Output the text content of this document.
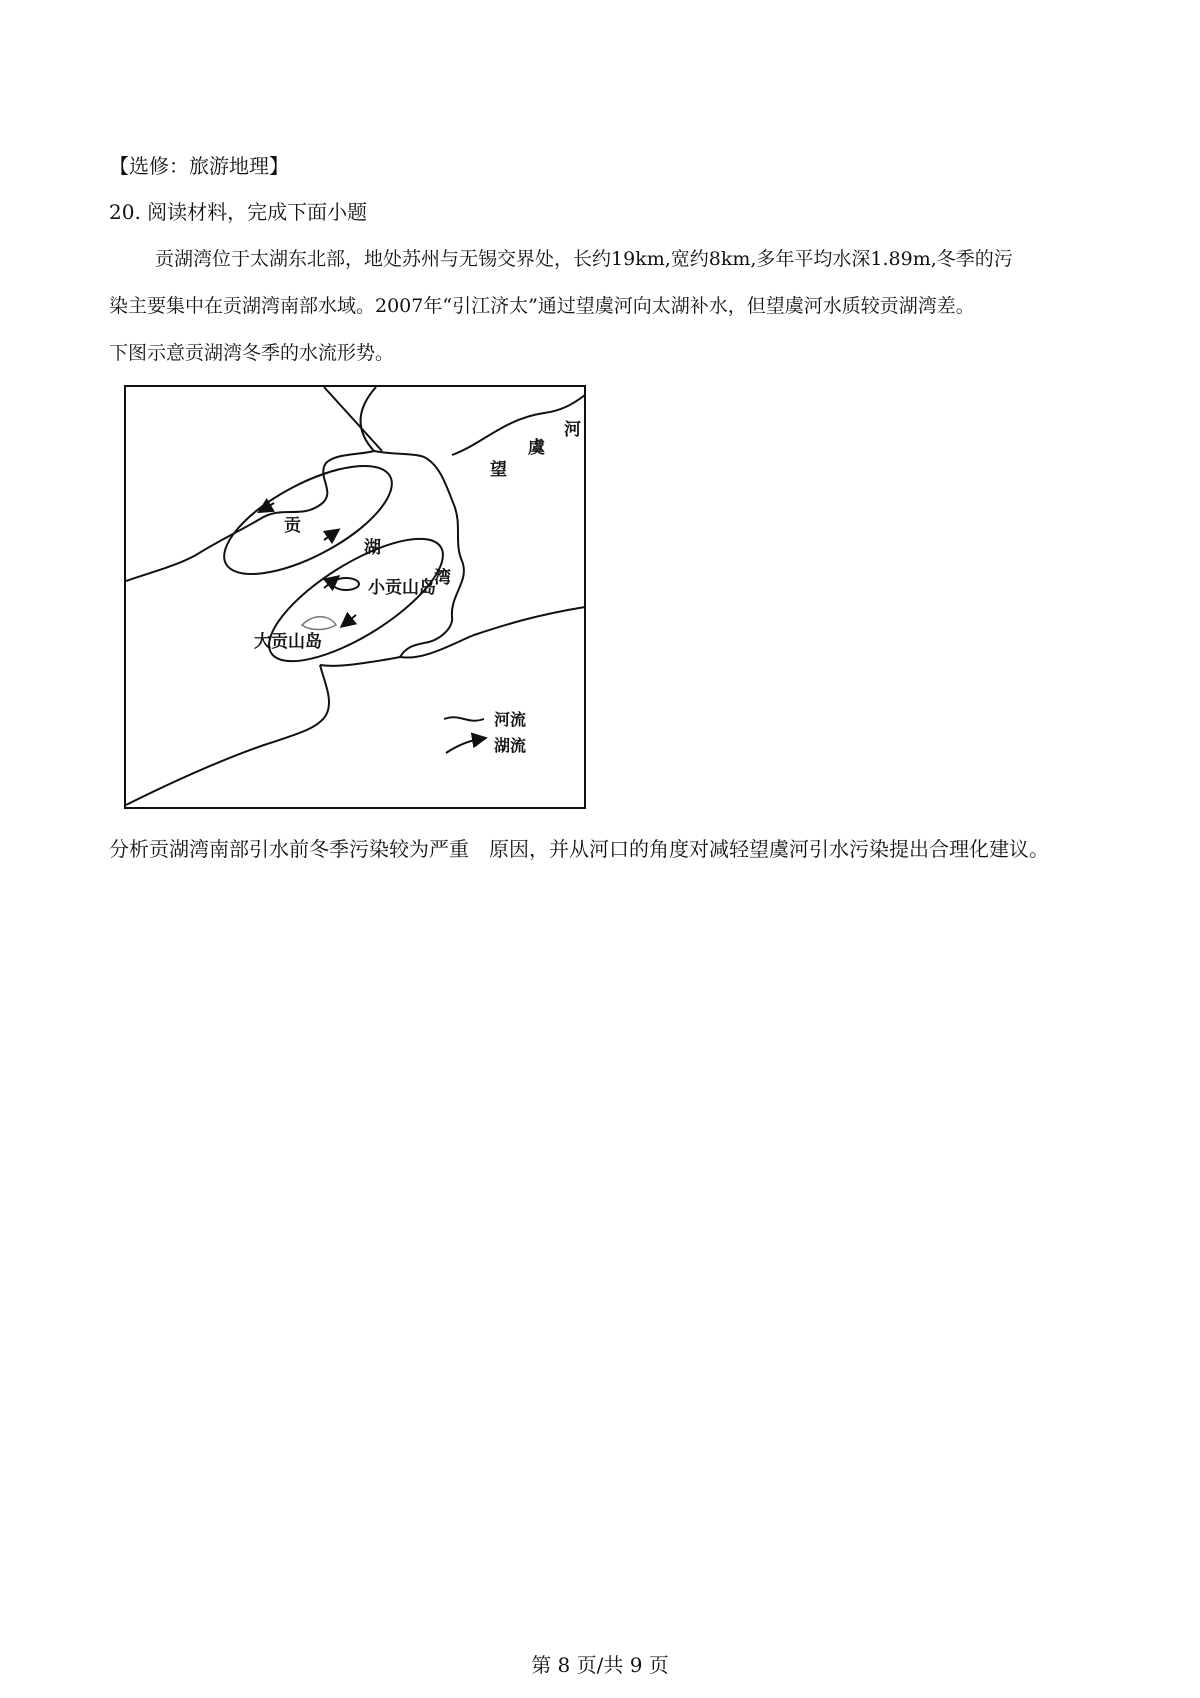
【选修：旅游地理】
20. 阅读材料，完成下面小题
贡湖湾位于太湖东北部，地处苏州与无锡交界处，长约19km,宽约8km,多年平均水深1.89m,冬季的污
染主要集中在贡湖湾南部水域。2007年“引江济太”通过望虞河向太湖补水，但望虞河水质较贡湖湾差。
下图示意贡湖湾冬季的水流形势。
河
虞
望
贡
湖
湾
小贡山岛
大贡山岛
河流
湖流
分析贡湖湾南部引水前冬季污染较为严重　原因，并从河口的角度对减轻望虞河引水污染提出合理化建议。
第 8 页/共 9 页
